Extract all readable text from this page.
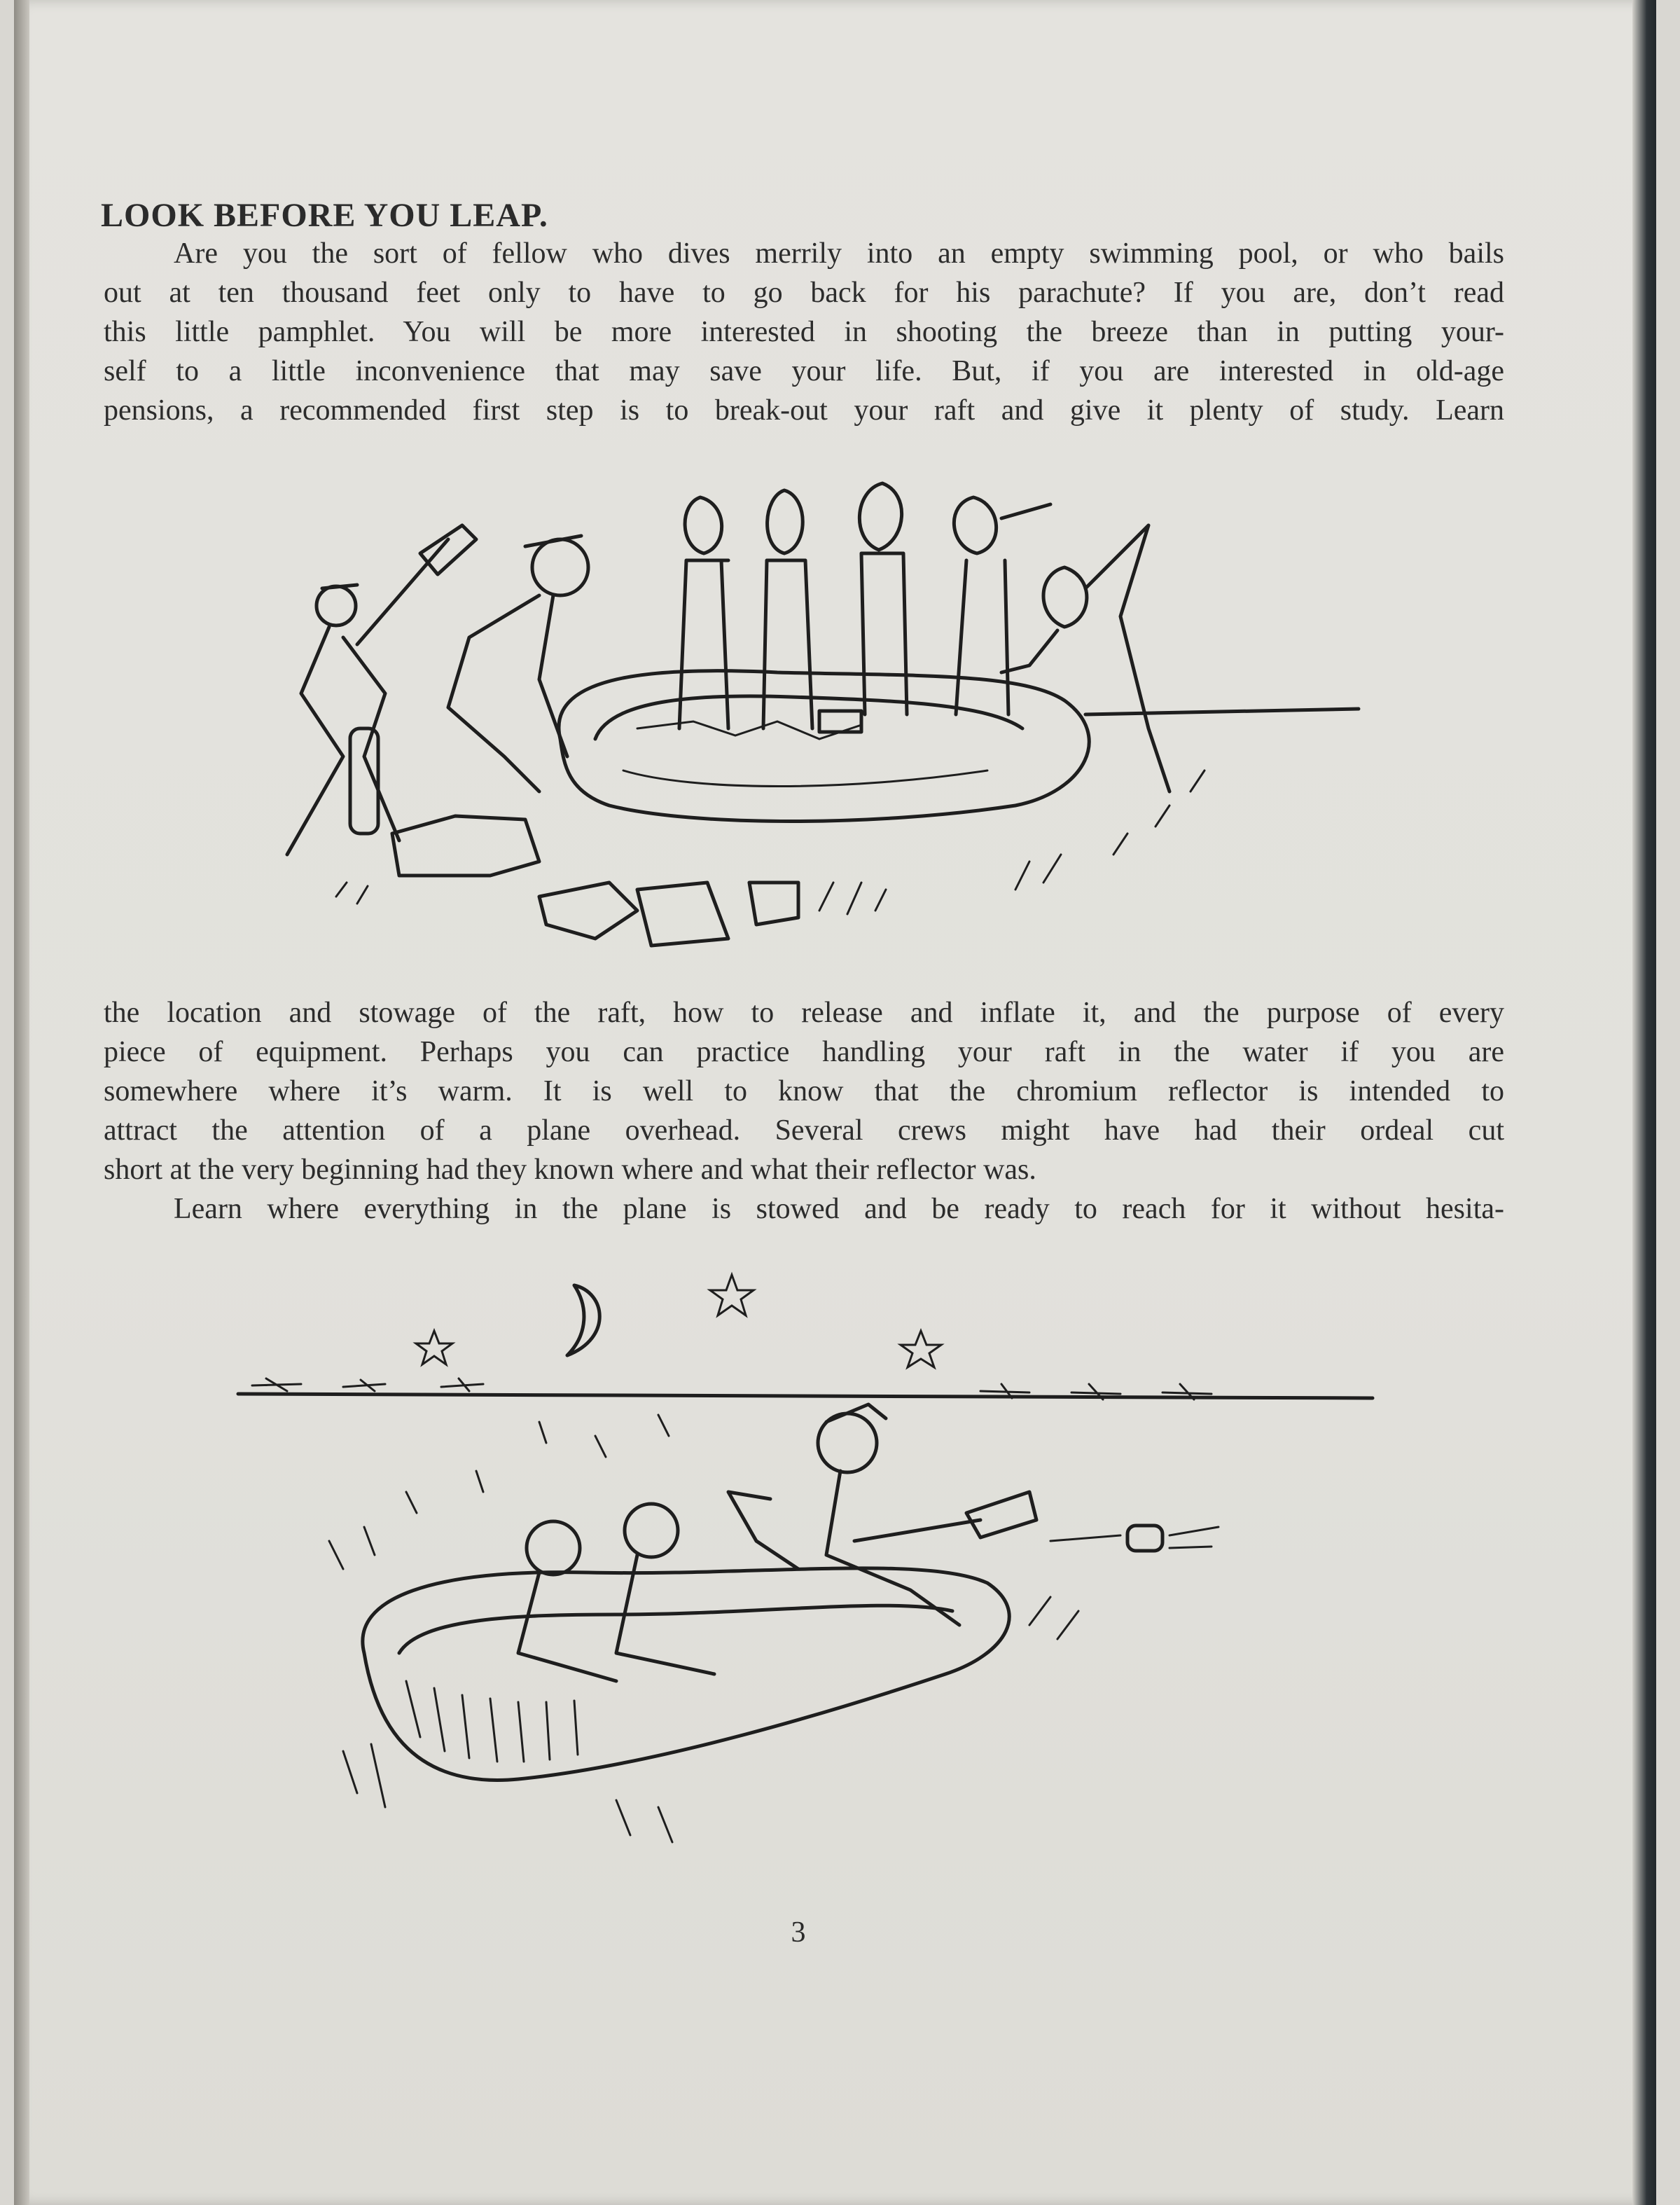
LOOK BEFORE YOU LEAP.
Are you the sort of fellow who dives merrily into an empty swimming pool, or who bails
out at ten thousand feet only to have to go back for his parachute? If you are, don’t read
this little pamphlet. You will be more interested in shooting the breeze than in putting your-
self to a little inconvenience that may save your life. But, if you are interested in old-age
pensions, a recommended first step is to break-out your raft and give it plenty of study. Learn
the location and stowage of the raft, how to release and inflate it, and the purpose of every
piece of equipment. Perhaps you can practice handling your raft in the water if you are
somewhere where it’s warm. It is well to know that the chromium reflector is intended to
attract the attention of a plane overhead. Several crews might have had their ordeal cut
short at the very beginning had they known where and what their reflector was.
Learn where everything in the plane is stowed and be ready to reach for it without hesita-
3
